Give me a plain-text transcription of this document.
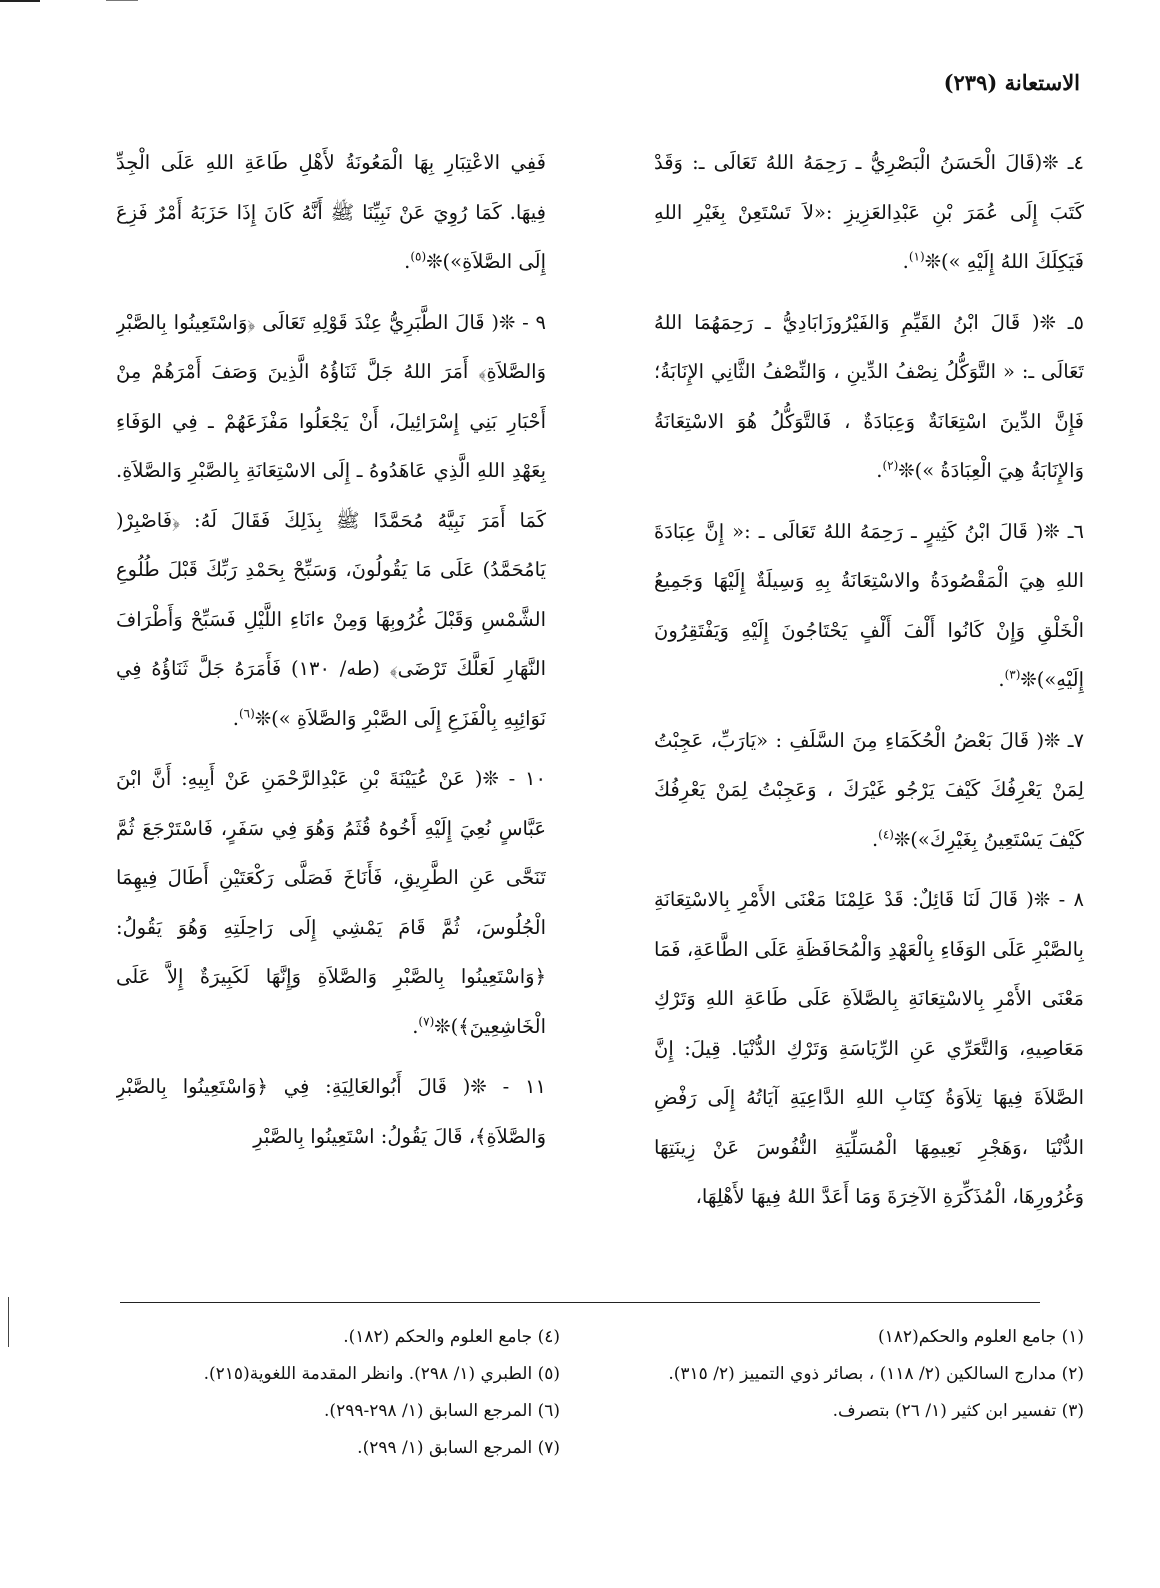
الاستعانة (٢٣٩)

٤ـ ❊(قَالَ الْحَسَنُ الْبَصْرِيُّ ـ رَحِمَهُ اللهُ تَعَالَى ـ: وَقَدْ كَتَبَ إِلَى عُمَرَ بْنِ عَبْدِالعَزِيزِ :«لاَ تَسْتَعِنْ بِغَيْرِ اللهِ فَيَكِلَكَ اللهُ إِلَيْهِ »)❊$^{(١)}$.

٥ـ ❊( قَالَ ابْنُ القَيِّمِ وَالفَيْرُوزَابَادِيُّ ـ رَحِمَهُمَا اللهُ تَعَالَى ـ: « التَّوَكُّلُ نِصْفُ الدِّينِ ، وَالنِّصْفُ الثَّانِي الإِنَابَةُ؛ فَإِنَّ الدِّينَ اسْتِعَانَةٌ وَعِبَادَةٌ ، فَالتَّوَكُّلُ هُوَ الاسْتِعَانَةُ وَالإِنَابَةُ هِيَ الْعِبَادَةُ »)❊$^{(٢)}$.

٦ـ ❊( قَالَ ابْنُ كَثِيرٍ ـ رَحِمَهُ اللهُ تَعَالَى ـ :« إِنَّ عِبَادَةَ اللهِ هِيَ الْمَقْصُودَةُ والاسْتِعَانَةُ بِهِ وَسِيلَةٌ إِلَيْهَا وَجَمِيعُ الْخَلْقِ وَإِنْ كَانُوا أَلْفَ أَلْفٍ يَحْتَاجُونَ إِلَيْهِ وَيَفْتَقِرُونَ إِلَيْهِ»)❊$^{(٣)}$.

٧ـ ❊( قَالَ بَعْضُ الْحُكَمَاءِ مِنَ السَّلَفِ : «يَارَبِّ، عَجِبْتُ لِمَنْ يَعْرِفُكَ كَيْفَ يَرْجُو غَيْرَكَ ، وَعَجِبْتُ لِمَنْ يَعْرِفُكَ كَيْفَ يَسْتَعِينُ بِغَيْرِكَ»)❊$^{(٤)}$.

٨ - ❊( قَالَ لَنَا قَائِلٌ: قَدْ عَلِمْنَا مَعْنَى الأَمْرِ بِالاسْتِعَانَةِ بِالصَّبْرِ عَلَى الوَفَاءِ بِالْعَهْدِ وَالْمُحَافَظَةِ عَلَى الطَّاعَةِ، فَمَا مَعْنَى الأَمْرِ بِالاسْتِعَانَةِ بِالصَّلاَةِ عَلَى طَاعَةِ اللهِ وَتَرْكِ مَعَاصِيهِ، وَالتَّعَرِّي عَنِ الرِّيَاسَةِ وَتَرْكِ الدُّنْيَا. قِيلَ: إِنَّ الصَّلاَةَ فِيهَا تِلاَوَةُ كِتَابِ اللهِ الدَّاعِيَةِ آيَاتُهُ إِلَى رَفْضِ الدُّنْيَا ،وَهَجْرِ نَعِيمِهَا الْمُسَلِّيَةِ النُّفُوسَ عَنْ زِينَتِهَا وَغُرُورِهَا، الْمُذَكِّرَةِ الآخِرَةَ وَمَا أَعَدَّ اللهُ فِيهَا لأَهْلِهَا،

فَفِي الاعْتِبَارِ بِهَا الْمَعُونَةُ لأَهْلِ طَاعَةِ اللهِ عَلَى الْجِدِّ فِيهَا. كَمَا رُوِيَ عَنْ نَبِيِّنَا ﷺ أَنَّهُ كَانَ إِذَا حَزَبَهُ أَمْرٌ فَزِعَ إِلَى الصَّلاَةِ»)❊$^{(٥)}$.

٩ - ❊( قَالَ الطَّبَرِيُّ عِنْدَ قَوْلِهِ تَعَالَى ﴿وَاسْتَعِينُوا بِالصَّبْرِ وَالصَّلاَةِ﴾ أَمَرَ اللهُ جَلَّ ثَنَاؤُهُ الَّذِينَ وَصَفَ أَمْرَهُمْ مِنْ أَحْبَارِ بَنِي إِسْرَائِيلَ، أَنْ يَجْعَلُوا مَفْزَعَهُمْ ـ فِي الوَفَاءِ بِعَهْدِ اللهِ الَّذِي عَاهَدُوهُ ـ إِلَى الاسْتِعَانَةِ بِالصَّبْرِ وَالصَّلاَةِ. كَمَا أَمَرَ نَبِيَّهُ مُحَمَّدًا ﷺ بِذَلِكَ فَقَالَ لَهُ: ﴿فَاصْبِرْ( يَامُحَمَّدُ) عَلَى مَا يَقُولُونَ، وَسَبِّحْ بِحَمْدِ رَبِّكَ قَبْلَ طُلُوعِ الشَّمْسِ وَقَبْلَ غُرُوبِهَا وَمِنْ ءانَاءِ اللَّيْلِ فَسَبِّحْ وَأَطْرَافَ النَّهَارِ لَعَلَّكَ تَرْضَى﴾ (طه/ ١٣٠) فَأَمَرَهُ جَلَّ ثَنَاؤُهُ فِي نَوَائِبِهِ بِالْفَزَعِ إِلَى الصَّبْرِ وَالصَّلاَةِ »)❊$^{(٦)}$.

١٠ - ❊( عَنْ عُيَيْنَةَ بْنِ عَبْدِالرَّحْمَنِ عَنْ أَبِيهِ: أَنَّ ابْنَ عَبَّاسٍ نُعِيَ إِلَيْهِ أَخُوهُ قُثَمُ وَهُوَ فِي سَفَرٍ، فَاسْتَرْجَعَ ثُمَّ تَنَحَّى عَنِ الطَّرِيقِ، فَأَنَاخَ فَصَلَّى رَكْعَتَيْنِ أَطَالَ فِيهِمَا الْجُلُوسَ، ثُمَّ قَامَ يَمْشِي إِلَى رَاحِلَتِهِ وَهُوَ يَقُولُ: ﴿وَاسْتَعِينُوا بِالصَّبْرِ وَالصَّلاَةِ وَإِنَّهَا لَكَبِيرَةٌ إِلاَّ عَلَى الْخَاشِعِينَ﴾)❊$^{(٧)}$.

١١ - ❊( قَالَ أَبُوالعَالِيَةِ: فِي ﴿وَاسْتَعِينُوا بِالصَّبْرِ وَالصَّلاَةِ﴾، قَالَ يَقُولُ: اسْتَعِينُوا بِالصَّبْرِ

(١) جامع العلوم والحكم(١٨٢)
(٢) مدارج السالكين (٢/ ١١٨) ، بصائر ذوي التمييز (٢/ ٣١٥).
(٣) تفسير ابن كثير (١/ ٢٦) بتصرف.
(٤) جامع العلوم والحكم (١٨٢).
(٥) الطبري (١/ ٢٩٨). وانظر المقدمة اللغوية(٢١٥).
(٦) المرجع السابق (١/ ٢٩٨-٢٩٩).
(٧) المرجع السابق (١/ ٢٩٩).
